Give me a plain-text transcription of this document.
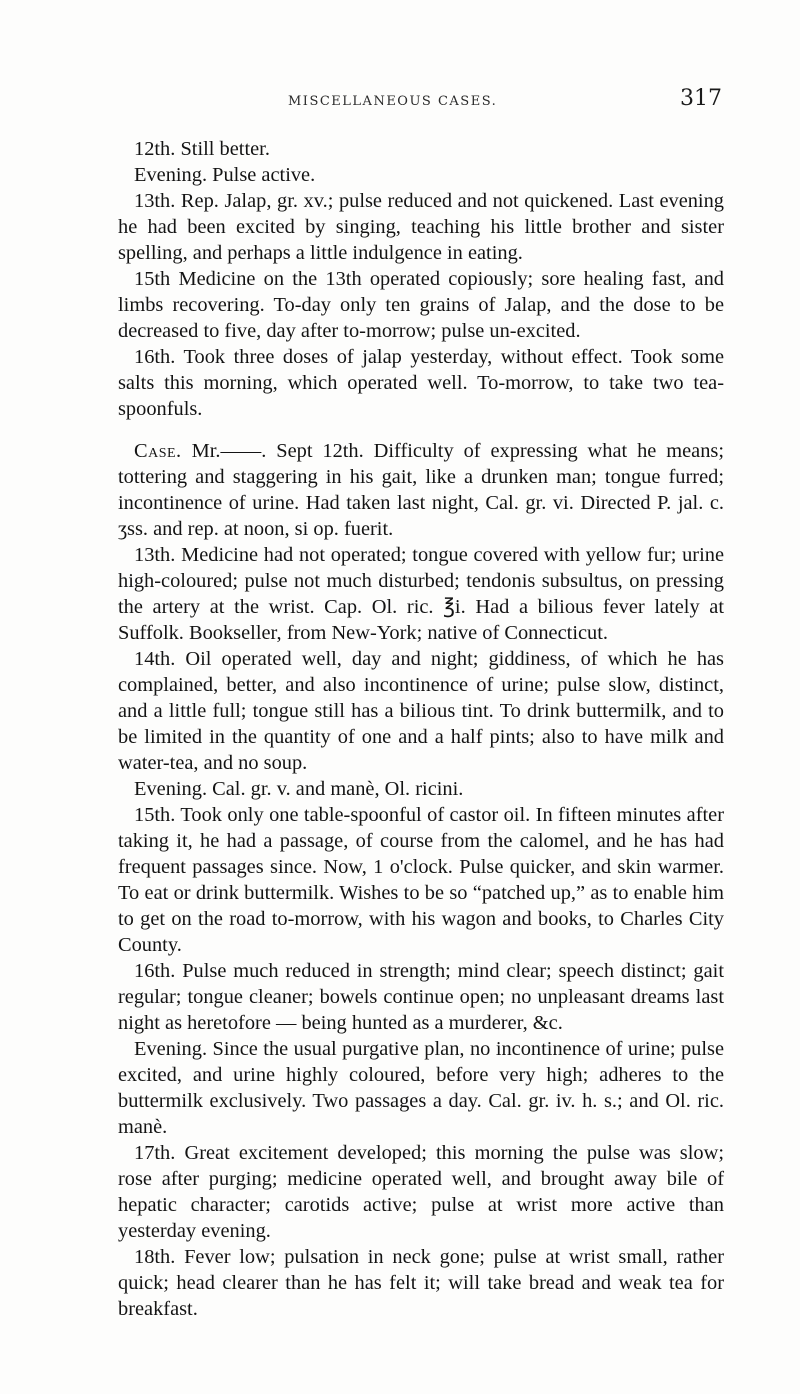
MISCELLANEOUS CASES.	317

12th. Still better.

Evening. Pulse active.

13th. Rep. Jalap, gr. xv.; pulse reduced and not quickened. Last evening he had been excited by singing, teaching his little brother and sister spelling, and perhaps a little indulgence in eating.

15th Medicine on the 13th operated copiously; sore healing fast, and limbs recovering. To-day only ten grains of Jalap, and the dose to be decreased to five, day after to-morrow; pulse un-excited.

16th. Took three doses of jalap yesterday, without effect. Took some salts this morning, which operated well. To-morrow, to take two tea-spoonfuls.

Case. Mr.——. Sept 12th. Difficulty of expressing what he means; tottering and staggering in his gait, like a drunken man; tongue furred; incontinence of urine. Had taken last night, Cal. gr. vi. Directed P. jal. c. ʒss. and rep. at noon, si op. fuerit.

13th. Medicine had not operated; tongue covered with yellow fur; urine high-coloured; pulse not much disturbed; tendonis subsultus, on pressing the artery at the wrist. Cap. Ol. ric. ℥i. Had a bilious fever lately at Suffolk. Bookseller, from New-York; native of Connecticut.

14th. Oil operated well, day and night; giddiness, of which he has complained, better, and also incontinence of urine; pulse slow, distinct, and a little full; tongue still has a bilious tint. To drink buttermilk, and to be limited in the quantity of one and a half pints; also to have milk and water-tea, and no soup.

Evening. Cal. gr. v. and manè, Ol. ricini.

15th. Took only one table-spoonful of castor oil. In fifteen minutes after taking it, he had a passage, of course from the calomel, and he has had frequent passages since. Now, 1 o'clock. Pulse quicker, and skin warmer. To eat or drink buttermilk. Wishes to be so “patched up,” as to enable him to get on the road to-morrow, with his wagon and books, to Charles City County.

16th. Pulse much reduced in strength; mind clear; speech distinct; gait regular; tongue cleaner; bowels continue open; no unpleasant dreams last night as heretofore — being hunted as a murderer, &c.

Evening. Since the usual purgative plan, no incontinence of urine; pulse excited, and urine highly coloured, before very high; adheres to the buttermilk exclusively. Two passages a day. Cal. gr. iv. h. s.; and Ol. ric. manè.

17th. Great excitement developed; this morning the pulse was slow; rose after purging; medicine operated well, and brought away bile of hepatic character; carotids active; pulse at wrist more active than yesterday evening.

18th. Fever low; pulsation in neck gone; pulse at wrist small, rather quick; head clearer than he has felt it; will take bread and weak tea for breakfast.
